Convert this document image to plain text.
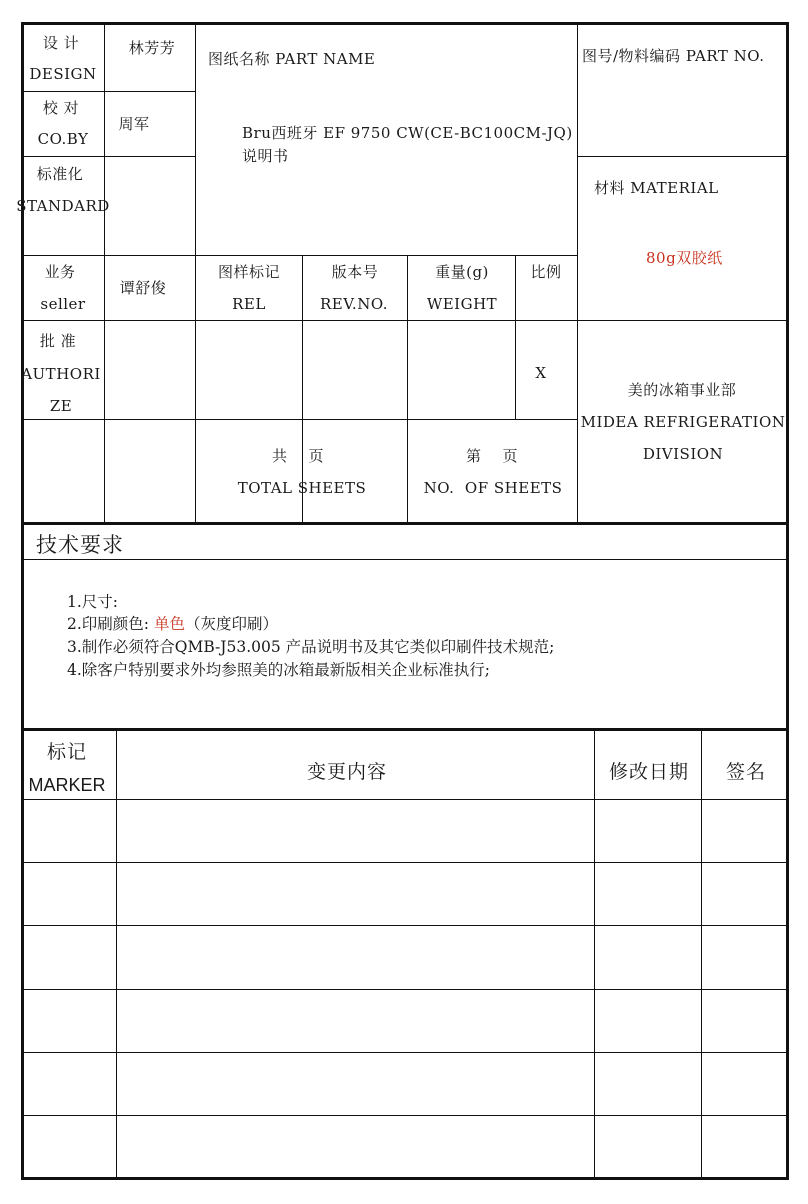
设 计
DESIGN
林芳芳
校 对
CO.BY
周军
标准化
STANDARD
业务
seller
谭舒俊
批 准
AUTHORI
ZE
图纸名称 PART NAME
Bru西班牙 EF 9750 CW(CE-BC100CM-JQ)
说明书
图号/物料编码 PART NO.
材料 MATERIAL
80g双胶纸
图样标记
REL
版本号
REV.NO.
重量(g)
WEIGHT
比例
X
美的冰箱事业部
MIDEA REFRIGERATION
DIVISION
共    页
TOTAL SHEETS
第    页
NO.  OF SHEETS
技术要求
1.尺寸:
2.印刷颜色: 单色（灰度印刷）
3.制作必须符合QMB-J53.005 产品说明书及其它类似印刷件技术规范;
4.除客户特别要求外均参照美的冰箱最新版相关企业标准执行;
标记
MARKER
变更内容	修改日期 签名
